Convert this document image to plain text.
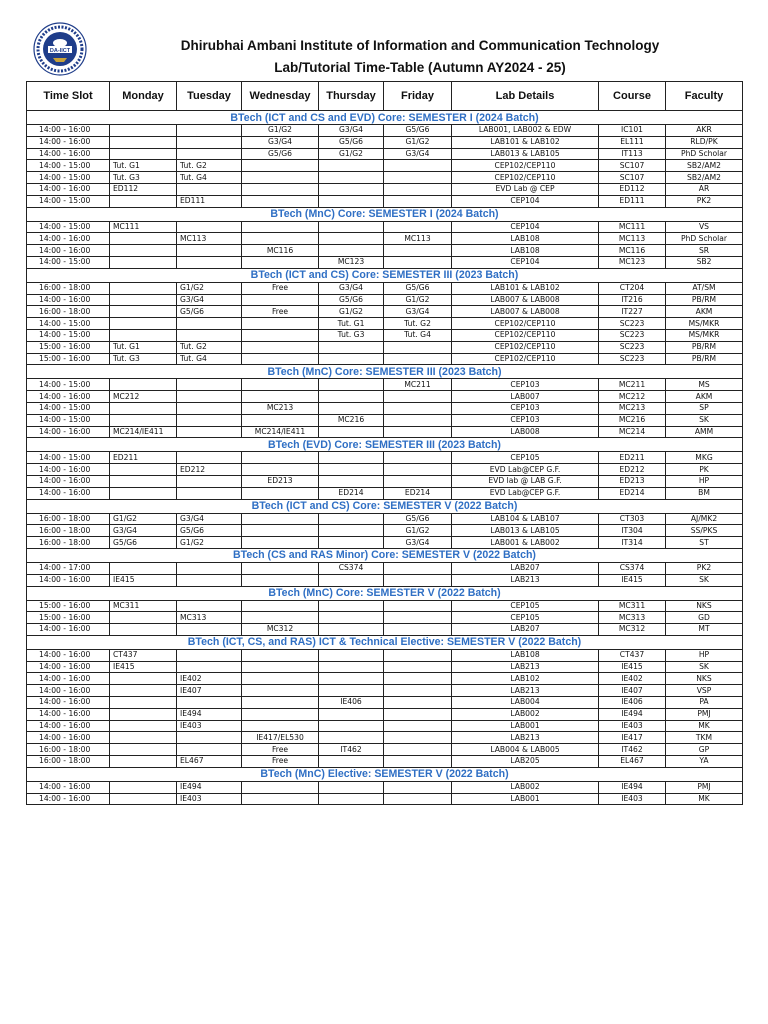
DA-IICT	Dhirubhai Ambani Institute of Information and Communication Technology
Lab/Tutorial Time-Table (Autumn AY2024 - 25)
Time Slot	Monday	Tuesday	Wednesday	Thursday	Friday	Lab Details	Course	Faculty
BTech (ICT and CS and EVD) Core: SEMESTER I (2024 Batch)								
14:00 - 16:00			G1/G2	G3/G4	G5/G6	LAB001, LAB002 & EDW	IC101	AKR
14:00 - 16:00			G3/G4	G5/G6	G1/G2	LAB101 & LAB102	EL111	RLD/PK
14:00 - 16:00			G5/G6	G1/G2	G3/G4	LAB013 & LAB105	IT113	PhD Scholar
14:00 - 15:00	Tut. G1	Tut. G2				CEP102/CEP110	SC107	SB2/AM2
14:00 - 15:00	Tut. G3	Tut. G4				CEP102/CEP110	SC107	SB2/AM2
14:00 - 16:00	ED112					EVD Lab @ CEP	ED112	AR
14:00 - 15:00		ED111				CEP104	ED111	PK2
BTech (MnC) Core: SEMESTER I (2024 Batch)								
14:00 - 15:00	MC111					CEP104	MC111	VS
14:00 - 16:00		MC113			MC113	LAB108	MC113	PhD Scholar
14:00 - 16:00			MC116			LAB108	MC116	SR
14:00 - 15:00				MC123		CEP104	MC123	SB2
BTech (ICT and CS) Core: SEMESTER III (2023 Batch)								
16:00 - 18:00		G1/G2	Free	G3/G4	G5/G6	LAB101 & LAB102	CT204	AT/SM
14:00 - 16:00		G3/G4		G5/G6	G1/G2	LAB007 & LAB008	IT216	PB/RM
16:00 - 18:00		G5/G6	Free	G1/G2	G3/G4	LAB007 & LAB008	IT227	AKM
14:00 - 15:00				Tut. G1	Tut. G2	CEP102/CEP110	SC223	MS/MKR
14:00 - 15:00				Tut. G3	Tut. G4	CEP102/CEP110	SC223	MS/MKR
15:00 - 16:00	Tut. G1	Tut. G2				CEP102/CEP110	SC223	PB/RM
15:00 - 16:00	Tut. G3	Tut. G4				CEP102/CEP110	SC223	PB/RM
BTech (MnC) Core: SEMESTER III (2023 Batch)								
14:00 - 15:00					MC211	CEP103	MC211	MS
14:00 - 16:00	MC212					LAB007	MC212	AKM
14:00 - 15:00			MC213			CEP103	MC213	SP
14:00 - 15:00				MC216		CEP103	MC216	SK
14:00 - 16:00	MC214/IE411		MC214/IE411			LAB008	MC214	AMM
BTech (EVD) Core: SEMESTER III (2023 Batch)								
14:00 - 15:00	ED211					CEP105	ED211	MKG
14:00 - 16:00		ED212				EVD Lab@CEP G.F.	ED212	PK
14:00 - 16:00			ED213			EVD lab @ LAB G.F.	ED213	HP
14:00 - 16:00				ED214	ED214	EVD Lab@CEP G.F.	ED214	BM
BTech (ICT and CS) Core: SEMESTER V (2022 Batch)								
16:00 - 18:00	G1/G2	G3/G4			G5/G6	LAB104 & LAB107	CT303	AJ/MK2
16:00 - 18:00	G3/G4	G5/G6			G1/G2	LAB013 & LAB105	IT304	SS/PKS
16:00 - 18:00	G5/G6	G1/G2			G3/G4	LAB001 & LAB002	IT314	ST
BTech (CS and RAS Minor) Core: SEMESTER V (2022 Batch)								
14:00 - 17:00				CS374		LAB207	CS374	PK2
14:00 - 16:00	IE415					LAB213	IE415	SK
BTech (MnC) Core: SEMESTER V (2022 Batch)								
15:00 - 16:00	MC311					CEP105	MC311	NKS
15:00 - 16:00		MC313				CEP105	MC313	GD
14:00 - 16:00			MC312			LAB207	MC312	MT
BTech (ICT, CS, and RAS) ICT & Technical Elective: SEMESTER V (2022 Batch)								
14:00 - 16:00	CT437					LAB108	CT437	HP
14:00 - 16:00	IE415					LAB213	IE415	SK
14:00 - 16:00		IE402				LAB102	IE402	NKS
14:00 - 16:00		IE407				LAB213	IE407	VSP
14:00 - 16:00				IE406		LAB004	IE406	PA
14:00 - 16:00		IE494				LAB002	IE494	PMJ
14:00 - 16:00		IE403				LAB001	IE403	MK
14:00 - 16:00			IE417/EL530			LAB213	IE417	TKM
16:00 - 18:00			Free	IT462		LAB004 & LAB005	IT462	GP
16:00 - 18:00		EL467	Free			LAB205	EL467	YA
BTech (MnC) Elective: SEMESTER V (2022 Batch)								
14:00 - 16:00		IE494				LAB002	IE494	PMJ
14:00 - 16:00		IE403				LAB001	IE403	MK
